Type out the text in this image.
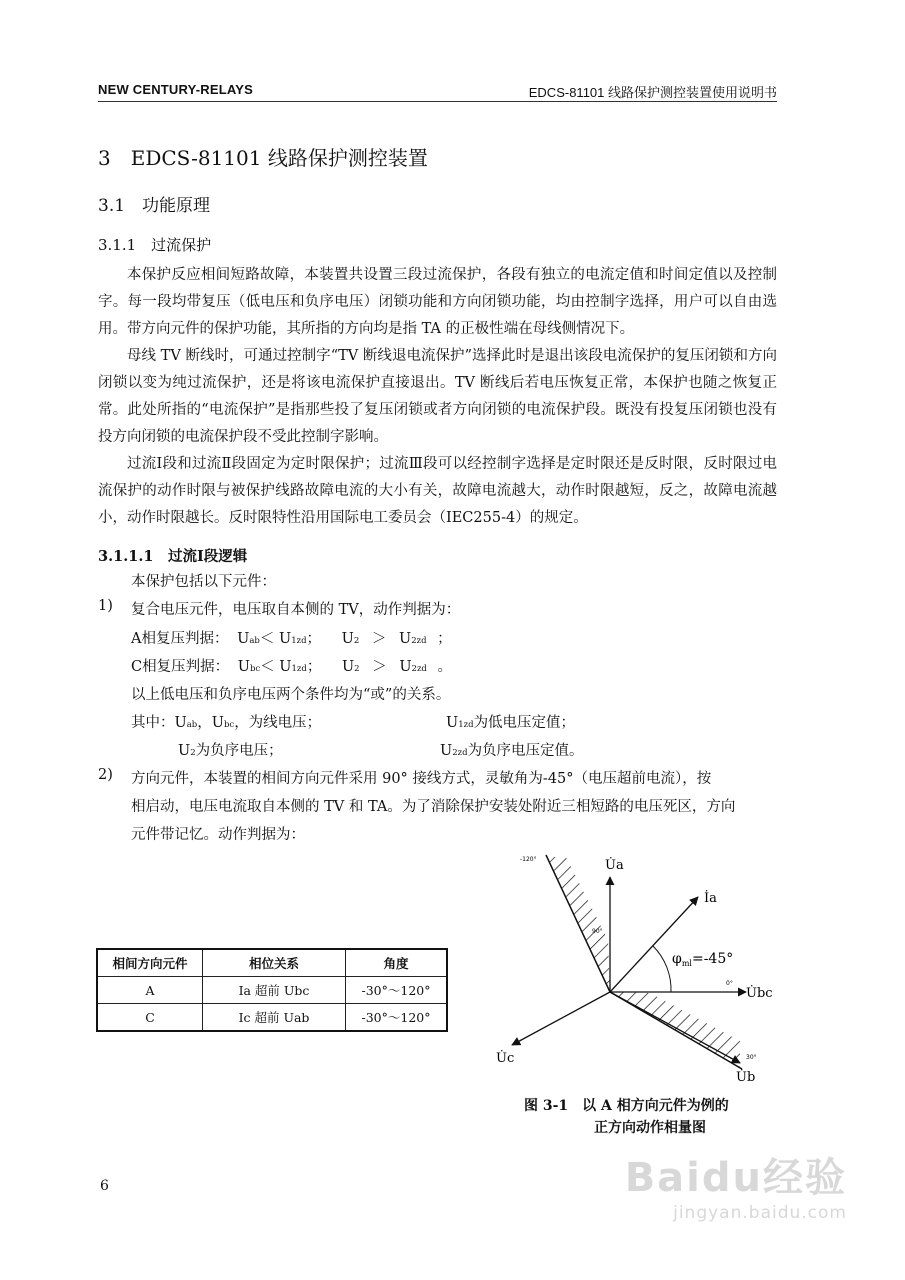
NEW CENTURY-RELAYS	EDCS-81101 线路保护测控装置使用说明书
3　EDCS-81101 线路保护测控装置
3.1　功能原理
3.1.1　过流保护

本保护反应相间短路故障，本装置共设置三段过流保护，各段有独立的电流定值和时间定值以及控制字。每一段均带复压（低电压和负序电压）闭锁功能和方向闭锁功能，均由控制字选择，用户可以自由选用。带方向元件的保护功能，其所指的方向均是指 TA 的正极性端在母线侧情况下。

母线 TV 断线时，可通过控制字“TV 断线退电流保护”选择此时是退出该段电流保护的复压闭锁和方向闭锁以变为纯过流保护，还是将该电流保护直接退出。TV 断线后若电压恢复正常，本保护也随之恢复正常。此处所指的“电流保护”是指那些投了复压闭锁或者方向闭锁的电流保护段。既没有投复压闭锁也没有投方向闭锁的电流保护段不受此控制字影响。

过流Ⅰ段和过流Ⅱ段固定为定时限保护；过流Ⅲ段可以经控制字选择是定时限还是反时限，反时限过电流保护的动作时限与被保护线路故障电流的大小有关，故障电流越大，动作时限越短，反之，故障电流越小，动作时限越长。反时限特性沿用国际电工委员会（IEC255-4）的规定。

3.1.1.1　过流Ⅰ段逻辑
本保护包括以下元件：
1) 复合电压元件，电压取自本侧的 TV，动作判据为：
A相复压判据： Uab＜ U1zd； U2 ＞ U2zd ；
C相复压判据： Ubc＜ U1zd； U2 ＞ U2zd 。
以上低电压和负序电压两个条件均为“或”的关系。
其中：Uab，Ubc，为线电压；	U1zd为低电压定值；
U2为负序电压；	U2zd为负序电压定值。
2) 方向元件，本装置的相间方向元件采用 90° 接线方式，灵敏角为-45°（电压超前电流），按
相启动，电压电流取自本侧的 TV 和 TA。为了消除保护安装处附近三相短路的电压死区，方向
元件带记忆。动作判据为：
相间方向元件	相位关系	角度
A	Ia 超前 Ubc	-30°～120°
C	Ic 超前 Uab	-30°～120°
U̇a
İa
U̇bc
U̇c
U̇b
$\varphi_{ml}=-45^\circ$
-120°
90°
0°
30°
图 3-1　以 A 相方向元件为例的
正方向动作相量图
6	Baidu经验
jingyan.baidu.com
